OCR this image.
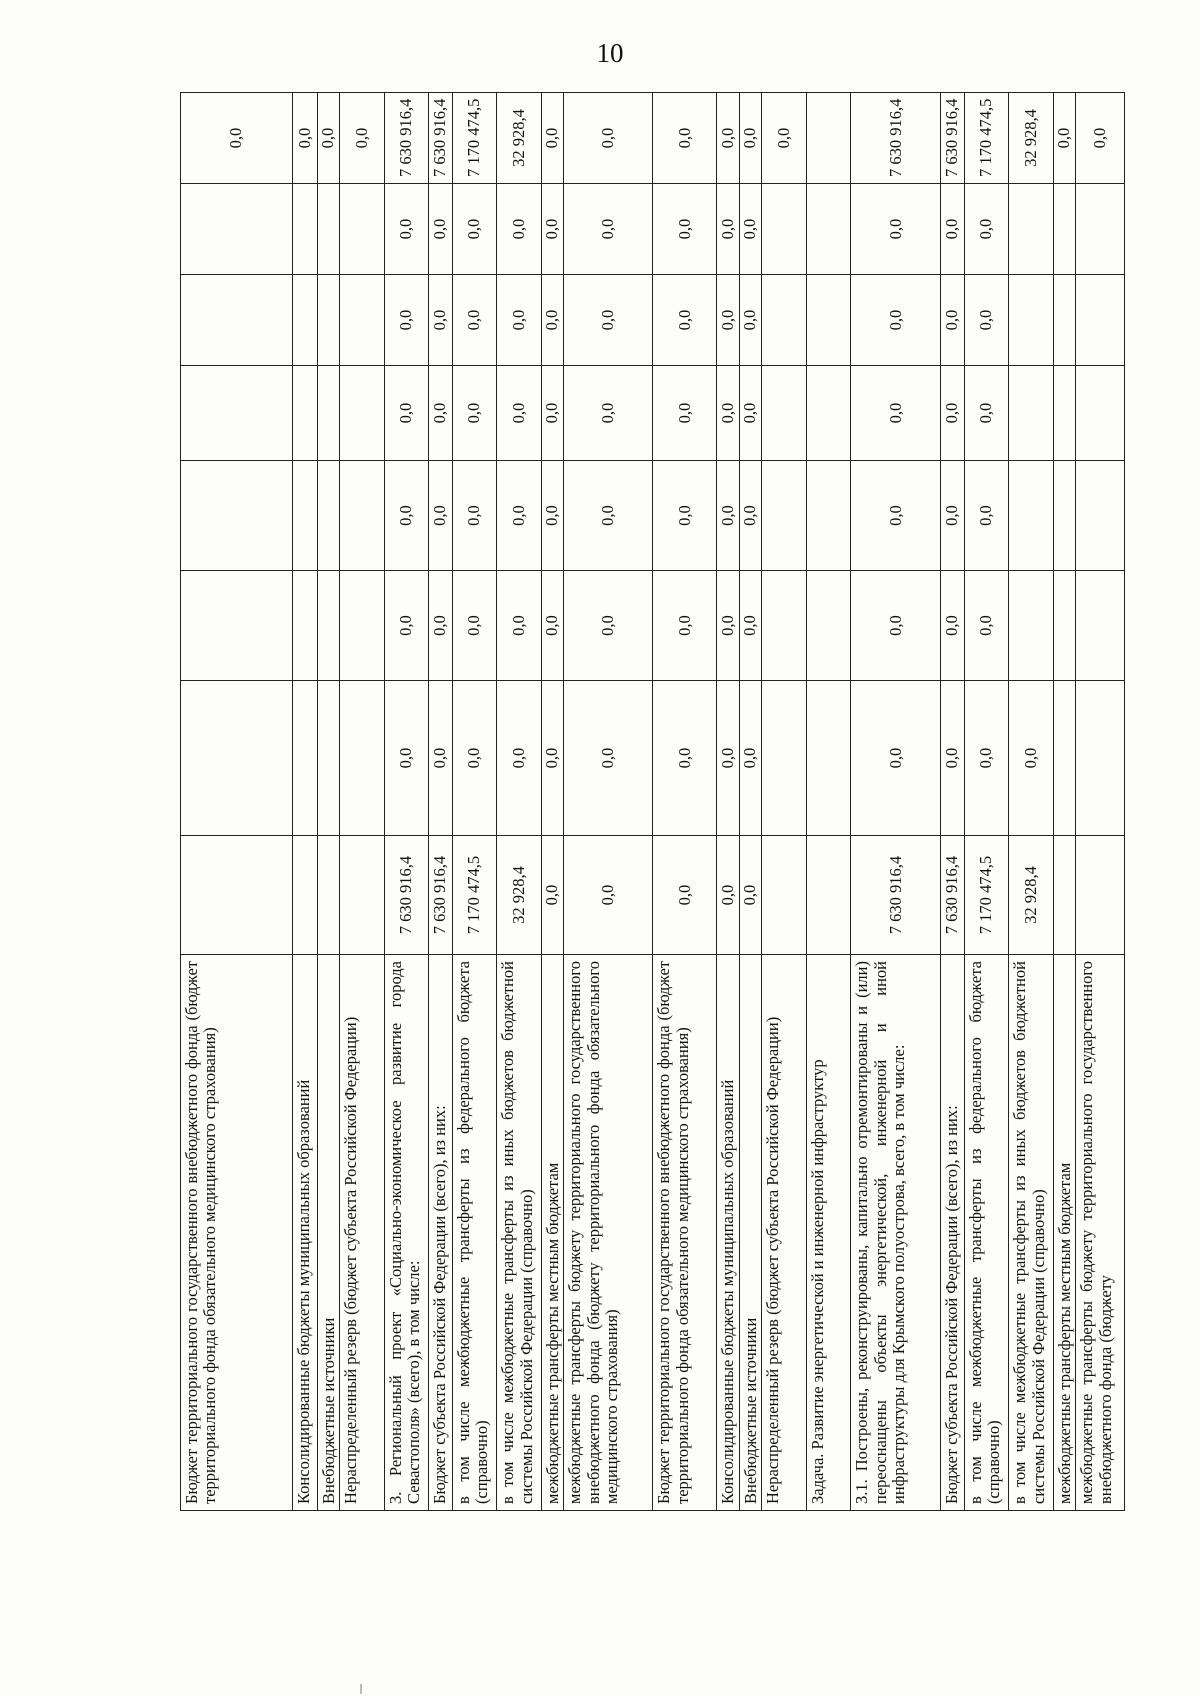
10
Бюджет территориального государственного внебюджетного фонда (бюджет территориального фонда обязательного медицинского страхования)								0,0
Консолидированные бюджеты муниципальных образований								0,0
Внебюджетные источники								0,0
Нераспределенный резерв (бюджет субъекта Российской Федерации)								0,0
3. Региональный проект «Социально-экономическое развитие города Севастополя» (всего), в том числе:	7 630 916,4	0,0	0,0	0,0	0,0	0,0	0,0	7 630 916,4
Бюджет субъекта Российской Федерации (всего), из них:	7 630 916,4	0,0	0,0	0,0	0,0	0,0	0,0	7 630 916,4
в том числе межбюджетные трансферты из федерального бюджета (справочно)	7 170 474,5	0,0	0,0	0,0	0,0	0,0	0,0	7 170 474,5
в том числе межбюджетные трансферты из иных бюджетов бюджетной системы Российской Федерации (справочно)	32 928,4	0,0	0,0	0,0	0,0	0,0	0,0	32 928,4
межбюджетные трансферты местным бюджетам	0,0	0,0	0,0	0,0	0,0	0,0	0,0	0,0
межбюджетные трансферты бюджету территориального государственного внебюджетного фонда (бюджету территориального фонда обязательного медицинского страхования)	0,0	0,0	0,0	0,0	0,0	0,0	0,0	0,0
Бюджет территориального государственного внебюджетного фонда (бюджет территориального фонда обязательного медицинского страхования)	0,0	0,0	0,0	0,0	0,0	0,0	0,0	0,0
Консолидированные бюджеты муниципальных образований	0,0	0,0	0,0	0,0	0,0	0,0	0,0	0,0
Внебюджетные источники	0,0	0,0	0,0	0,0	0,0	0,0	0,0	0,0
Нераспределенный резерв (бюджет субъекта Российской Федерации)								0,0
Задача. Развитие энергетической и инженерной инфраструктур								
3.1. Построены, реконструированы, капитально отремонтированы и (или) переоснащены объекты энергетической, инженерной и иной инфраструктуры для Крымского полуострова, всего, в том числе:	7 630 916,4	0,0	0,0	0,0	0,0	0,0	0,0	7 630 916,4
Бюджет субъекта Российской Федерации (всего), из них:	7 630 916,4	0,0	0,0	0,0	0,0	0,0	0,0	7 630 916,4
в том числе межбюджетные трансферты из федерального бюджета (справочно)	7 170 474,5	0,0	0,0	0,0	0,0	0,0	0,0	7 170 474,5
в том числе межбюджетные трансферты из иных бюджетов бюджетной системы Российской Федерации (справочно)	32 928,4	0,0						32 928,4
межбюджетные трансферты местным бюджетам								0,0
межбюджетные трансферты бюджету территориального государственного внебюджетного фонда (бюджету								0,0
